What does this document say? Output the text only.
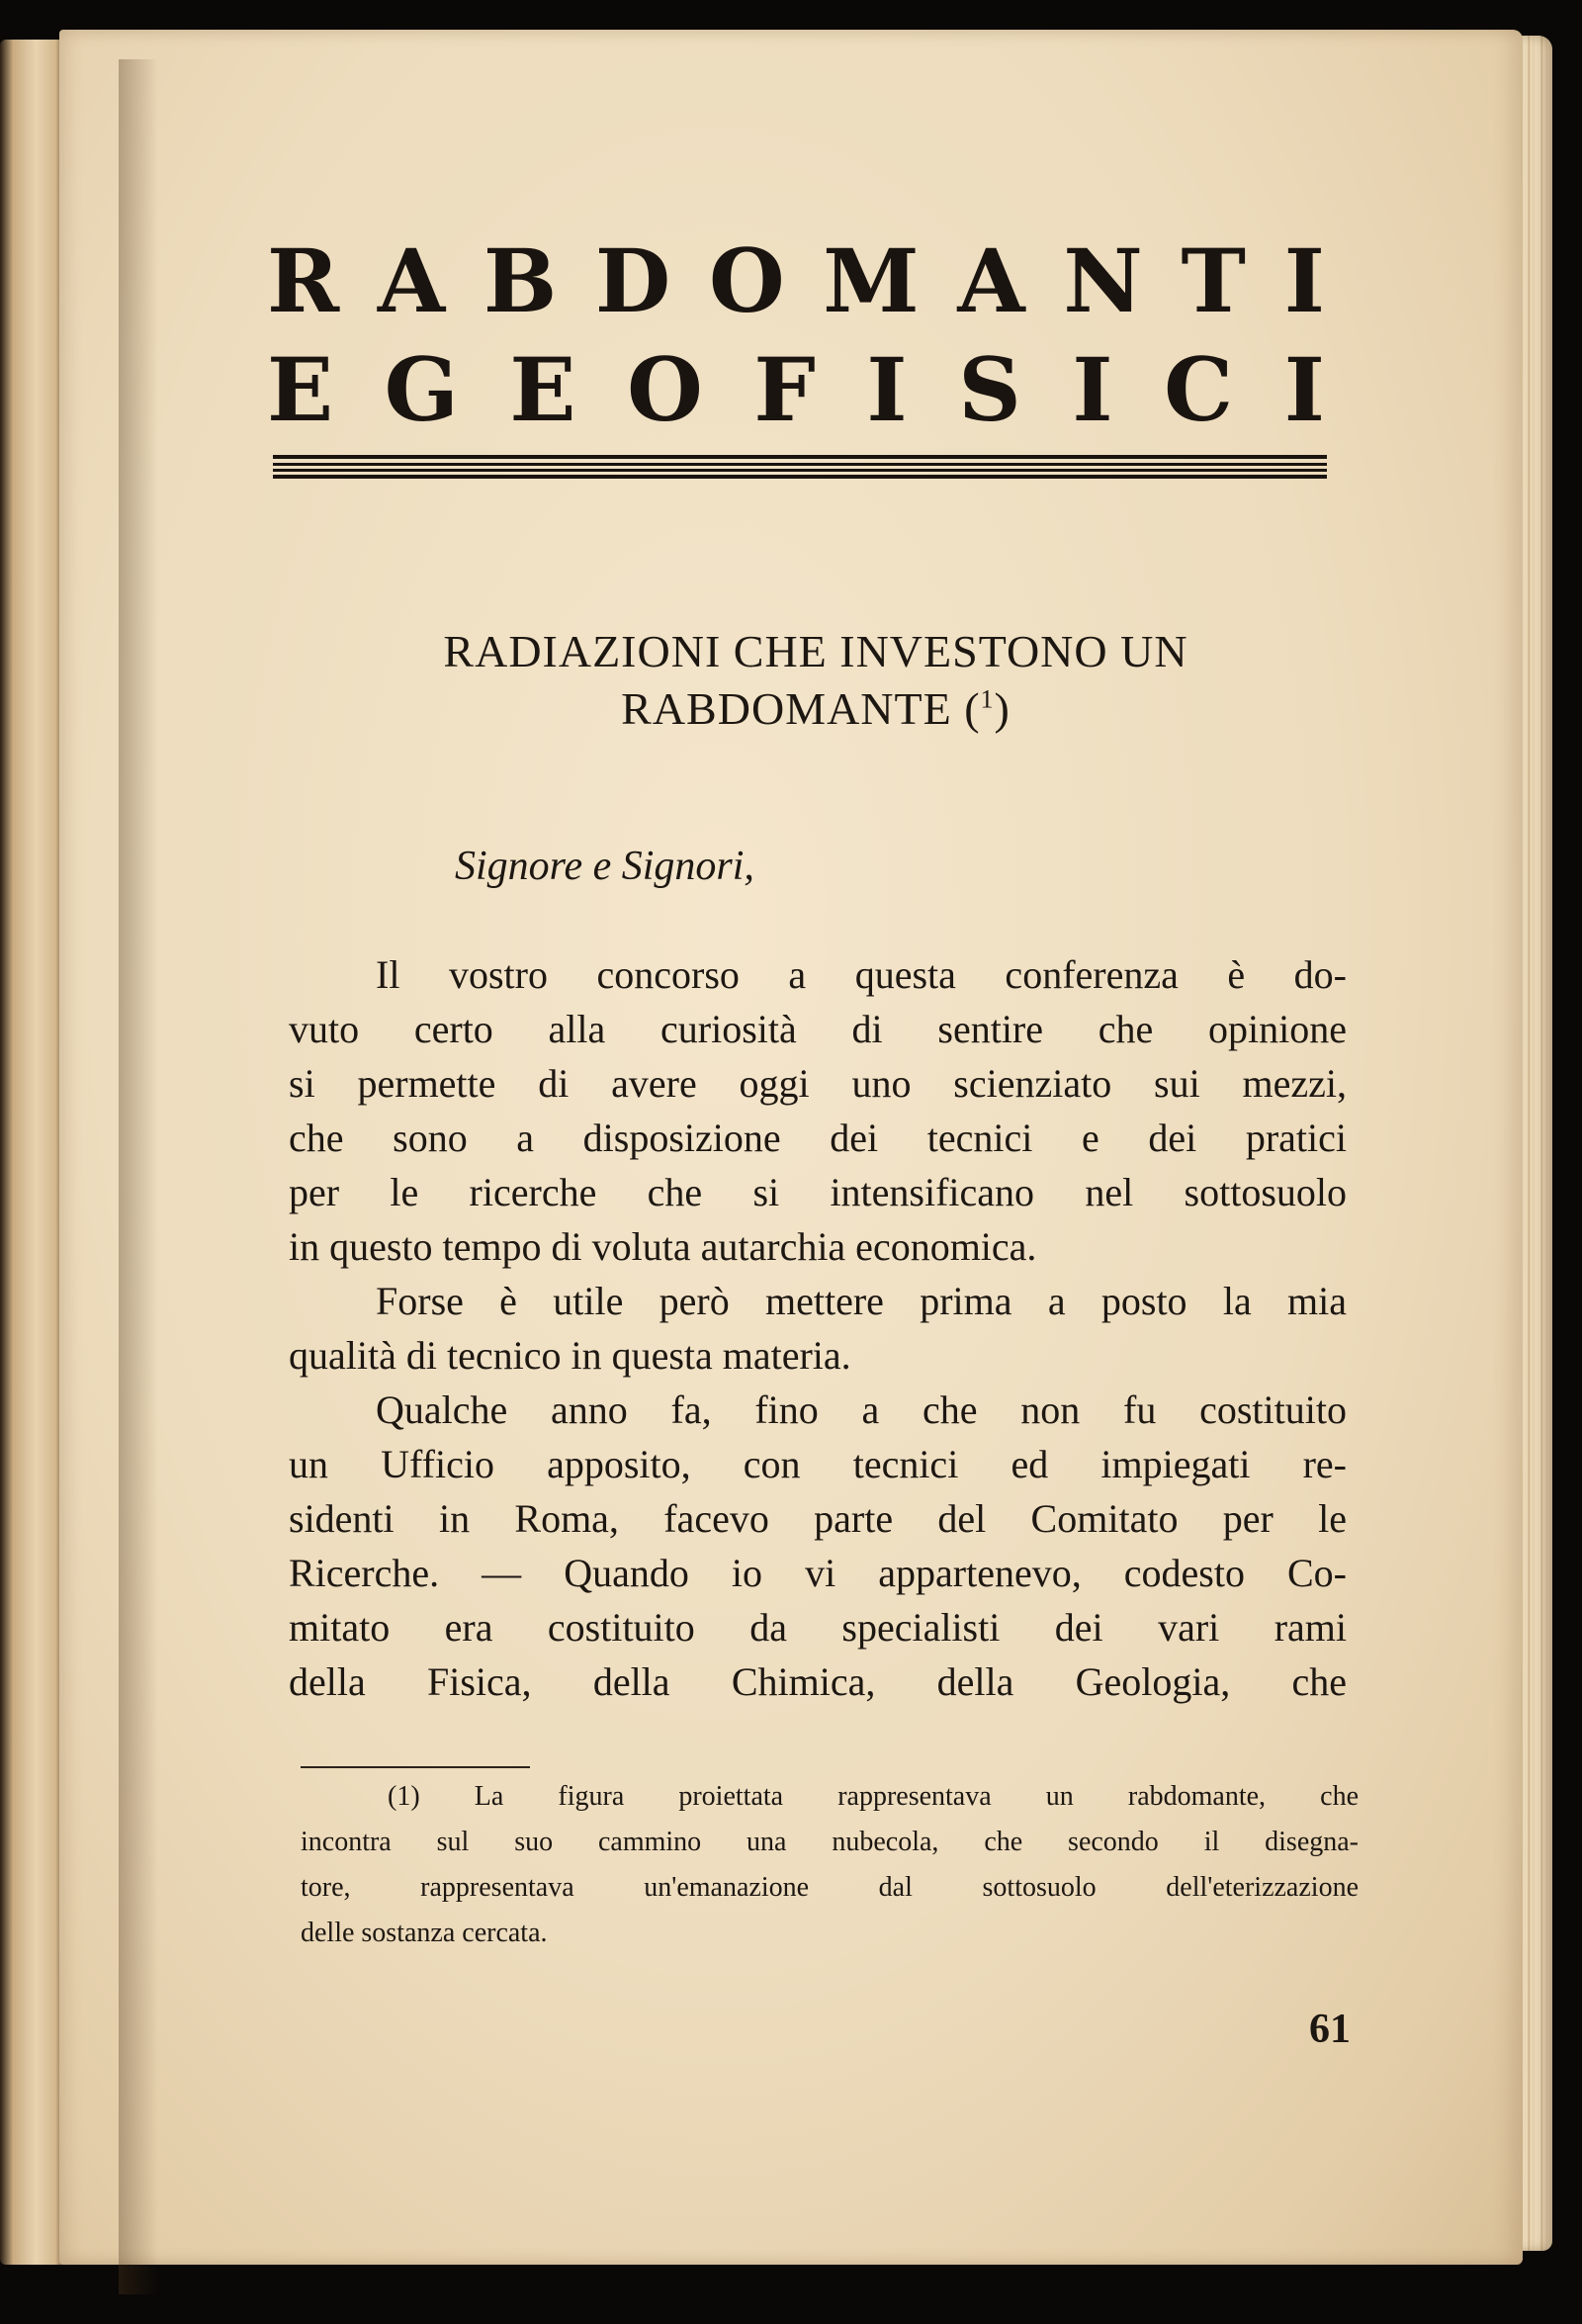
R A B D O M A N T I
E G E O F I S I C I
RADIAZIONI CHE INVESTONO UN
RABDOMANTE ($^1$)
Signore e Signori,
Il vostro concorso a questa conferenza è do-
vuto certo alla curiosità di sentire che opinione
si permette di avere oggi uno scienziato sui mezzi,
che sono a disposizione dei tecnici e dei pratici
per le ricerche che si intensificano nel sottosuolo
in questo tempo di voluta autarchia economica.
Forse è utile però mettere prima a posto la mia
qualità di tecnico in questa materia.
Qualche anno fa, fino a che non fu costituito
un Ufficio apposito, con tecnici ed impiegati re-
sidenti in Roma, facevo parte del Comitato per le
Ricerche. — Quando io vi appartenevo, codesto Co-
mitato era costituito da specialisti dei vari rami
della Fisica, della Chimica, della Geologia, che
(1) La figura proiettata rappresentava un rabdomante, che
incontra sul suo cammino una nubecola, che secondo il disegna-
tore, rappresentava un'emanazione dal sottosuolo dell'eterizzazione
delle sostanza cercata.
61
